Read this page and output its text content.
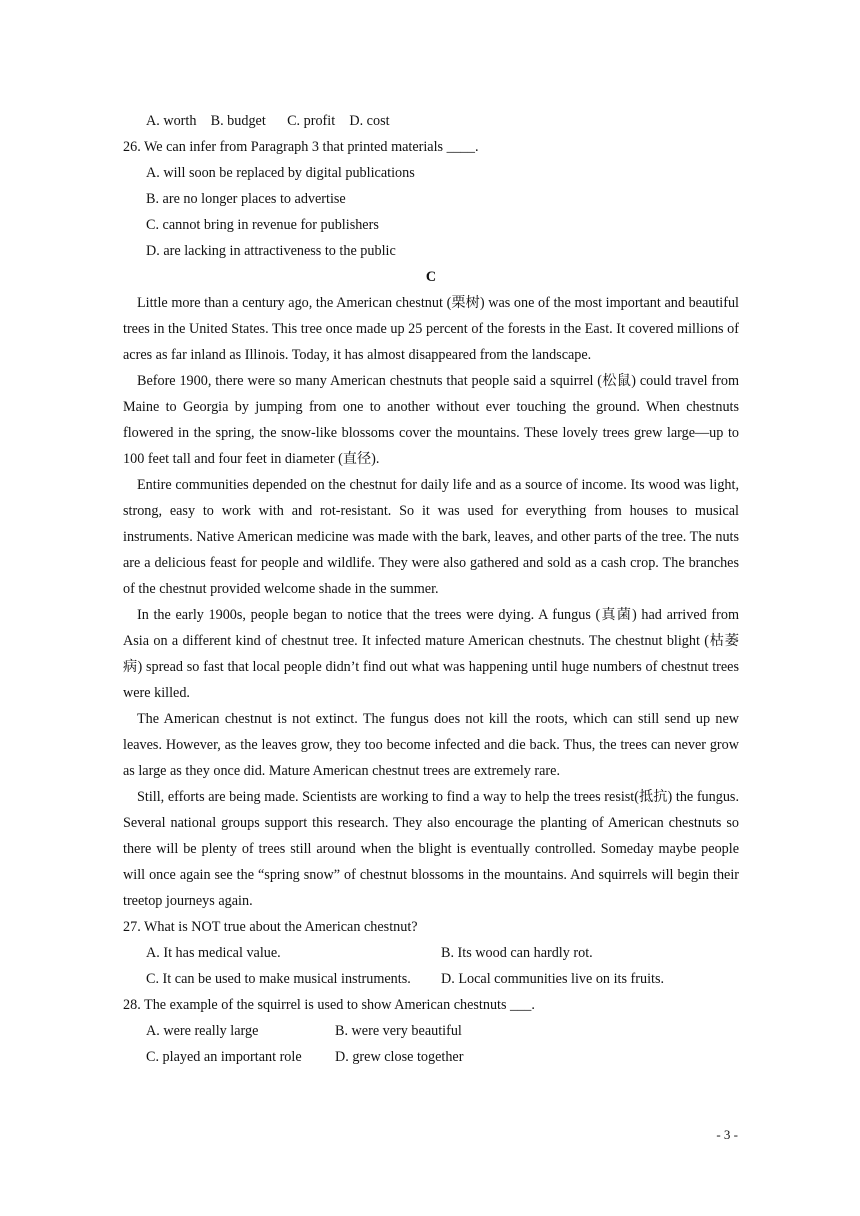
A. worth    B. budget      C. profit    D. cost
26. We can infer from Paragraph 3 that printed materials ____.
A. will soon be replaced by digital publications
B. are no longer places to advertise
C. cannot bring in revenue for publishers
D. are lacking in attractiveness to the public
C

Little more than a century ago, the American chestnut (栗树) was one of the most important and beautiful trees in the United States. This tree once made up 25 percent of the forests in the East. It covered millions of acres as far inland as Illinois. Today, it has almost disappeared from the landscape.

Before 1900, there were so many American chestnuts that people said a squirrel (松鼠) could travel from Maine to Georgia by jumping from one to another without ever touching the ground. When chestnuts flowered in the spring, the snow-like blossoms cover the mountains. These lovely trees grew large—up to 100 feet tall and four feet in diameter (直径).

Entire communities depended on the chestnut for daily life and as a source of income. Its wood was light, strong, easy to work with and rot-resistant. So it was used for everything from houses to musical instruments. Native American medicine was made with the bark, leaves, and other parts of the tree. The nuts are a delicious feast for people and wildlife. They were also gathered and sold as a cash crop. The branches of the chestnut provided welcome shade in the summer.

In the early 1900s, people began to notice that the trees were dying. A fungus (真菌) had arrived from Asia on a different kind of chestnut tree. It infected mature American chestnuts. The chestnut blight (枯萎病) spread so fast that local people didn’t find out what was happening until huge numbers of chestnut trees were killed.

The American chestnut is not extinct. The fungus does not kill the roots, which can still send up new leaves. However, as the leaves grow, they too become infected and die back. Thus, the trees can never grow as large as they once did. Mature American chestnut trees are extremely rare.

Still, efforts are being made. Scientists are working to find a way to help the trees resist(抵抗) the fungus. Several national groups support this research. They also encourage the planting of American chestnuts so there will be plenty of trees still around when the blight is eventually controlled. Someday maybe people will once again see the “spring snow” of chestnut blossoms in the mountains. And squirrels will begin their treetop journeys again.

27. What is NOT true about the American chestnut?
A. It has medical value.	B. Its wood can hardly rot.
C. It can be used to make musical instruments.	D. Local communities live on its fruits.
28. The example of the squirrel is used to show American chestnuts ___.
A. were really large	B. were very beautiful
C. played an important role	D. grew close together
- 3 -
